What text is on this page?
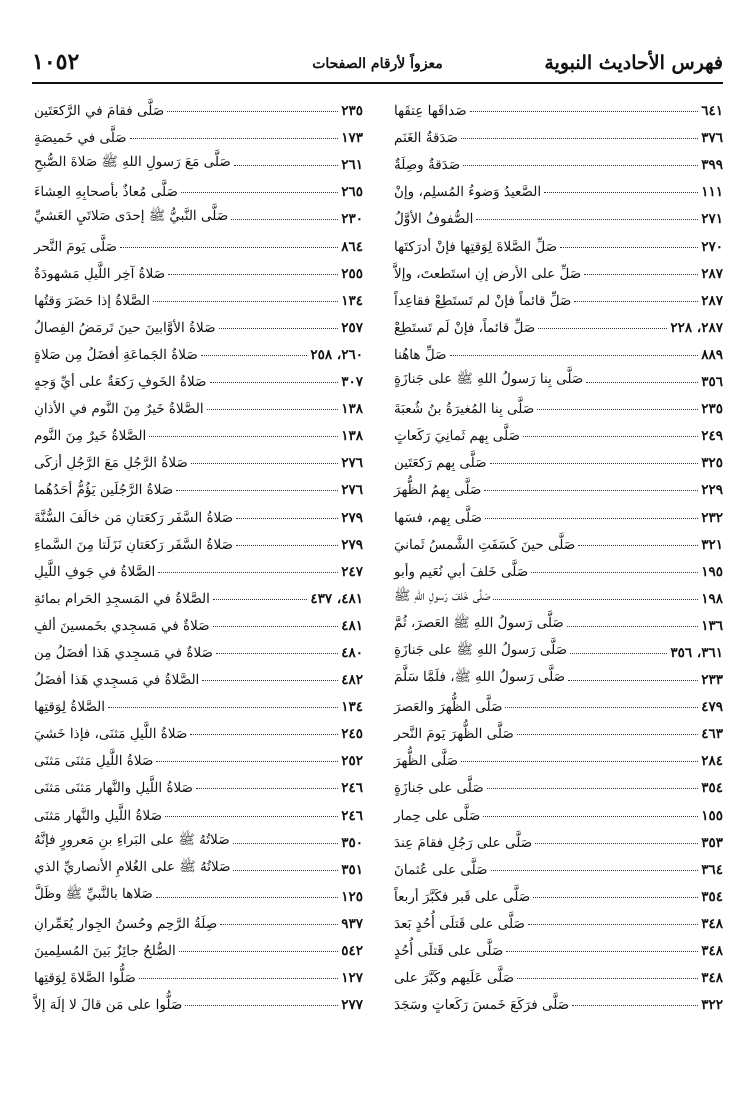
فهرس الأحاديث النبوية
معزواً لأرقام الصفحات
١٠٥٢
صَداقَها عِتقَها	٦٤١
صَدَقةُ الغَنَمِ	٣٧٦
صَدَقةٌ وصِلَةٌ	٣٩٩
الصَّعيدُ وَضوءُ المُسلِمِ، وإنْ	١١١
الصُّفوفُ الأوَّلُ	٢٧١
صَلِّ الصَّلاةَ لِوَقتِها فإنْ أدرَكتَها	٢٧٠
صَلِّ على الأرضِ إنِ استَطعتَ، وإلاَّ	٢٨٧
صَلِّ قائماً فإنْ لم تَستَطِعْ فقاعِداً	٢٨٧
صَلِّ قائماً، فإنْ لَم تَستَطِعْ	٢٨٧، ٢٢٨
صَلِّ هاهُنا	٨٨٩
صَلَّى بِنا رَسولُ اللهِ ﷺ على جَنازَةٍ	٣٥٦
صَلَّى بِنا المُغيرَةُ بنُ شُعبَةَ	٢٣٥
صَلَّى بِهِم ثَمانِيَ رَكَعاتٍ	٢٤٩
صَلَّى بِهِم رَكعَتَينِ	٣٢٥
صَلَّى بِهِمُ الظُّهرَ	٢٢٩
صَلَّى بِهِم، فسَها	٢٣٢
صَلَّى حينَ كَسَفَتِ الشَّمسُ ثَمانيَ	٣٢١
صَلَّى خَلفَ أبي نُعَيمٍ وأبو	١٩٥
صَلَّى خَلفَ رَسولِ اللهِ ﷺ	١٩٨
صَلَّى رَسولُ اللهِ ﷺ العَصرَ، ثُمَّ	١٣٦
صَلَّى رَسولُ اللهِ ﷺ على جَنازَةٍ	٣٦١، ٣٥٦
صَلَّى رَسولُ اللهِ ﷺ، فلَمَّا سَلَّمَ	٢٣٣
صَلَّى الظُّهرَ والعَصرَ	٤٧٩
صَلَّى الظُّهرَ يَومَ النَّحرِ	٤٦٣
صَلَّى الظُّهرَ	٢٨٤
صَلَّى على جَنازَةٍ	٣٥٤
صَلَّى على حِمارٍ	١٥٥
صَلَّى على رَجُلٍ فقامَ عِندَ	٣٥٣
صَلَّى على عُثمانَ	٣٦٤
صَلَّى على قَبرٍ فكَبَّرَ أربعاً	٣٥٤
صَلَّى على قَتلَى أُحُدٍ بَعدَ	٣٤٨
صَلَّى على قَتلَى أُحُدٍ	٣٤٨
صَلَّى عَلَيهِم وكَبَّرَ على	٣٤٨
صَلَّى فرَكَعَ خَمسَ رَكَعاتٍ وسَجَدَ	٣٢٢
صَلَّى فقامَ في الرَّكعَتَينِ	٢٣٥
صَلَّى في خَميصَةٍ	١٧٣
صَلَّى مَعَ رَسولِ اللهِ ﷺ صَلاةَ الصُّبحِ	٢٦١
صَلَّى مُعاذٌ بأصحابِهِ العِشاءَ	٢٦٥
صَلَّى النَّبيُّ ﷺ إحدَى صَلاتَيِ العَشيِّ	٢٣٠
صَلَّى يَومَ النَّحرِ	٨٦٤
صَلاةُ آخِرِ اللَّيلِ مَشهودَةٌ	٢٥٥
الصَّلاةُ إذا حَضَرَ وَقتُها	١٣٤
صَلاةُ الأوَّابينَ حينَ تَرمَضُ الفِصالُ	٢٥٧
صَلاةُ الجَماعَةِ أفضَلُ مِن صَلاةٍ	٢٦٠، ٢٥٨
صَلاةُ الخَوفِ رَكعَةٌ على أيِّ وَجهٍ	٣٠٧
الصَّلاةُ خَيرٌ مِنَ النَّومِ في الأذانِ	١٣٨
الصَّلاةُ خَيرٌ مِنَ النَّومِ	١٣٨
صَلاةُ الرَّجُلِ مَعَ الرَّجُلِ أزكَى	٢٧٦
صَلاةُ الرَّجُلَينِ يَؤُمُّ أحَدُهُما	٢٧٦
صَلاةُ السَّفَرِ رَكعَتانِ مَن خالَفَ السُّنَّةَ	٢٧٩
صَلاةُ السَّفَرِ رَكعَتانِ نَزَلَتا مِنَ السَّماءِ	٢٧٩
الصَّلاةُ في جَوفِ اللَّيلِ	٢٤٧
الصَّلاةُ في المَسجِدِ الحَرامِ بمائةِ	٤٨١، ٤٣٧
صَلاةٌ في مَسجِدي بخَمسينَ ألفٍ	٤٨١
صَلاةٌ في مَسجِدي هَذا أفضَلُ مِن	٤٨٠
الصَّلاةُ في مَسجِدي هَذا أفضَلُ	٤٨٢
الصَّلاةُ لِوَقتِها	١٣٤
صَلاةُ اللَّيلِ مَثنَى، فإذا خَشيَ	٢٤٥
صَلاةُ اللَّيلِ مَثنَى مَثنَى	٢٥٢
صَلاةُ اللَّيلِ والنَّهارِ مَثنَى مَثنَى	٢٤٦
صَلاةُ اللَّيلِ والنَّهارِ مَثنَى	٢٤٦
صَلاتُهُ ﷺ على البَراءِ بنِ مَعرورٍ فإنَّهُ	٣٥٠
صَلاتُهُ ﷺ على الغُلامِ الأنصاريِّ الذي	٣٥١
صَلاها بالنَّبيِّ ﷺ وظَلَّ	١٢٥
صِلَةُ الرَّحِمِ وحُسنُ الجِوارِ يُعَمِّرانِ	٩٣٧
الصُّلحُ جائِزٌ بَينَ المُسلِمينَ	٥٤٢
صَلُّوا الصَّلاةَ لِوَقتِها	١٢٧
صَلُّوا على مَن قالَ لا إلَهَ إلاَّ	٢٧٧
